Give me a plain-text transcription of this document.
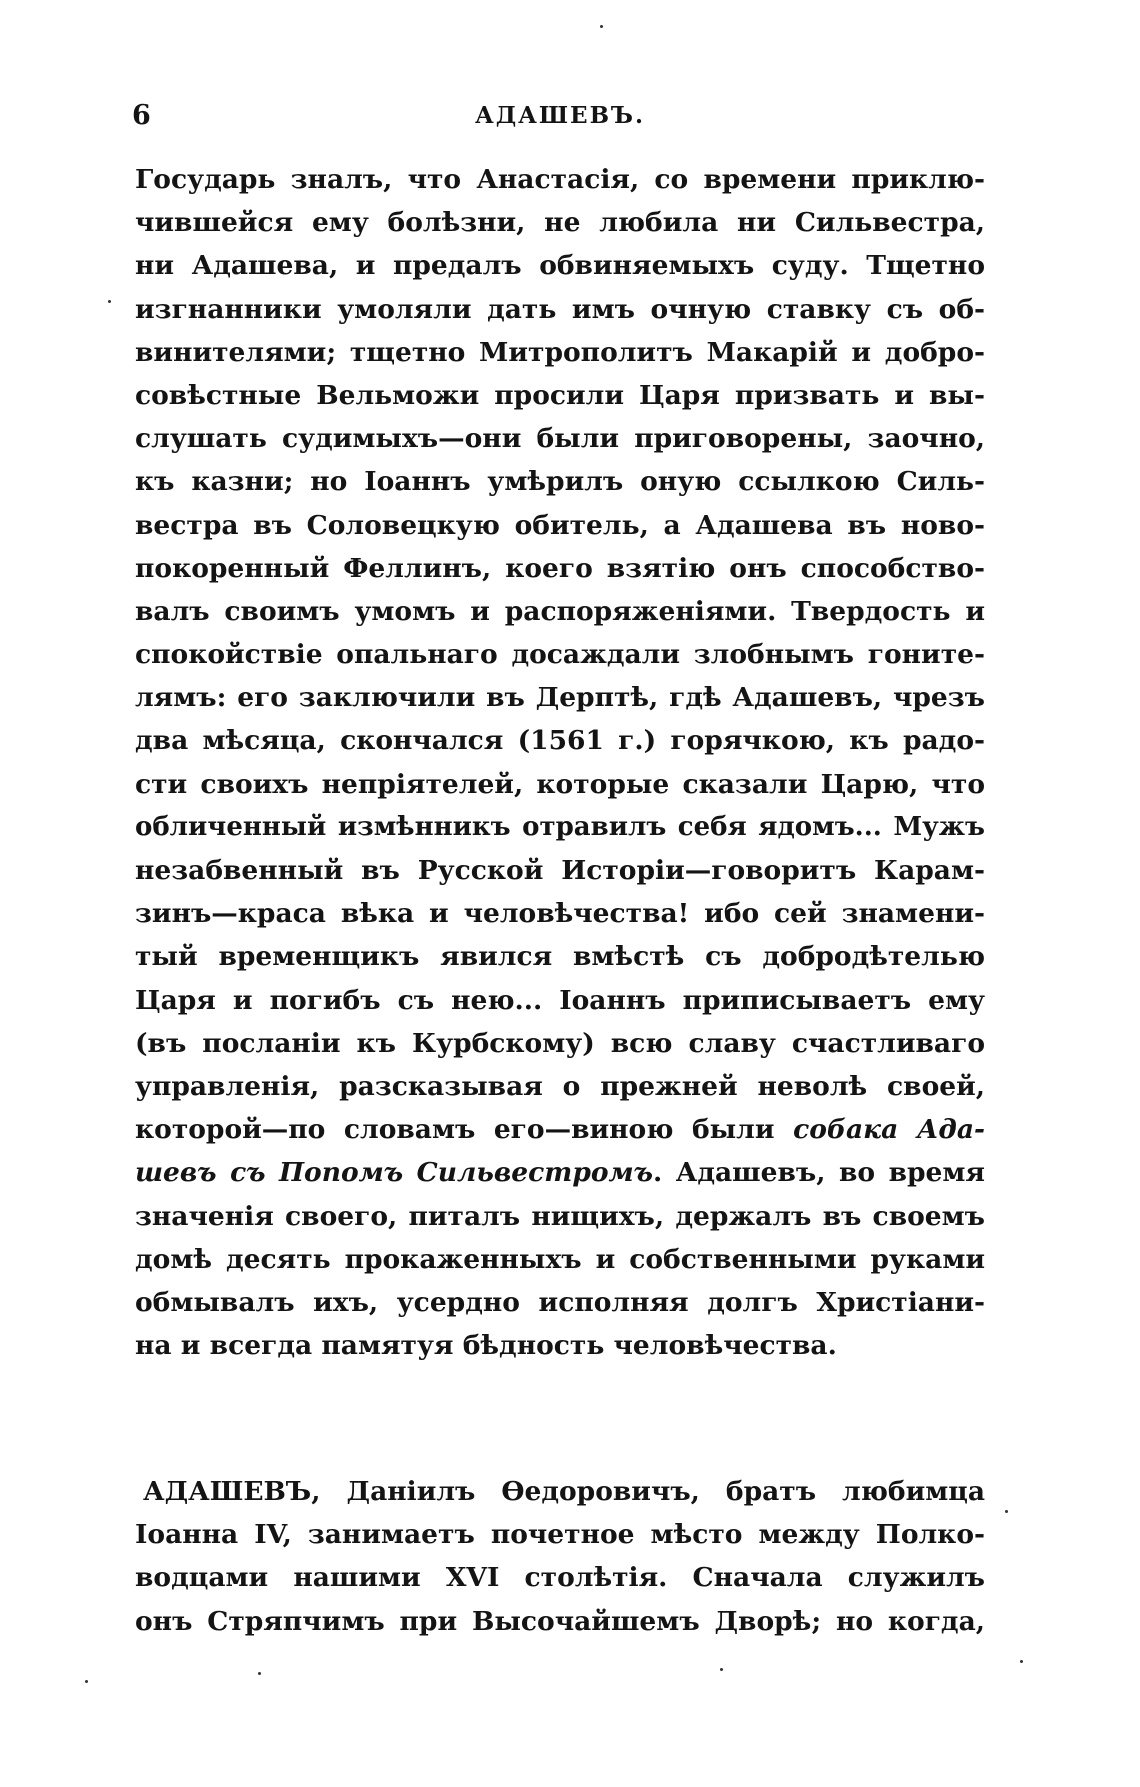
6	АДАШЕВЪ.
Государь зналъ, что Анастасія, со времени приклю-
чившейся ему болѣзни, не любила ни Сильвестра,
ни Адашева, и предалъ обвиняемыхъ суду. Тщетно
изгнанники умоляли дать имъ очную ставку съ об-
винителями; тщетно Митрополитъ Макарій и добро-
совѣстные Вельможи просили Царя призвать и вы-
слушать судимыхъ—они были приговорены, заочно,
къ казни; но Іоаннъ умѣрилъ оную ссылкою Силь-
вестра въ Соловецкую обитель, а Адашева въ ново-
покоренный Феллинъ, коего взятію онъ способство-
валъ своимъ умомъ и распоряженіями. Твердость и
спокойствіе опальнаго досаждали злобнымъ гоните-
лямъ: его заключили въ Дерптѣ, гдѣ Адашевъ, чрезъ
два мѣсяца, скончался (1561 г.) горячкою, къ радо-
сти своихъ непріятелей, которые сказали Царю, что
обличенный измѣнникъ отравилъ себя ядомъ... Мужъ
незабвенный въ Русской Исторіи—говоритъ Карам-
зинъ—краса вѣка и человѣчества! ибо сей знамени-
тый временщикъ явился вмѣстѣ съ добродѣтелью
Царя и погибъ съ нею... Іоаннъ приписываетъ ему
(въ посланіи къ Курбскому) всю славу счастливаго
управленія, разсказывая о прежней неволѣ своей,
которой—по словамъ его—виною были собака Ада-
шевъ съ Попомъ Сильвестромъ. Адашевъ, во время
значенія своего, питалъ нищихъ, держалъ въ своемъ
домѣ десять прокаженныхъ и собственными руками
обмывалъ ихъ, усердно исполняя долгъ Христіани-
на и всегда памятуя бѣдность человѣчества.
АДАШЕВЪ, Даніилъ Ѳедоровичъ, братъ любимца
Іоанна IV, занимаетъ почетное мѣсто между Полко-
водцами нашими XVI столѣтія. Сначала служилъ
онъ Стряпчимъ при Высочайшемъ Дворѣ; но когда,
